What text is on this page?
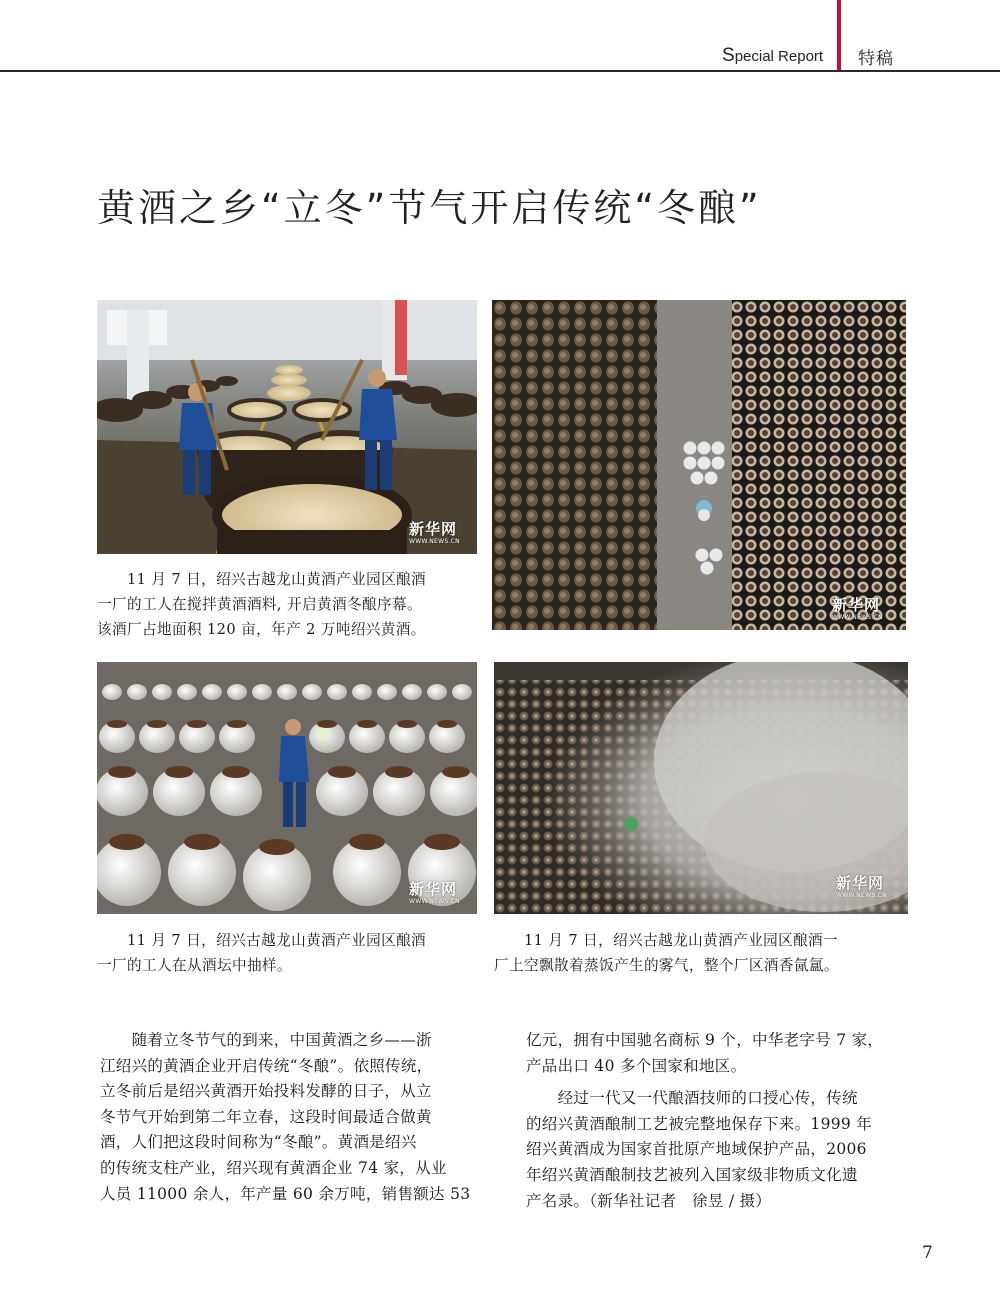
Special Report 特稿
黄酒之乡“立冬”节气开启传统“冬酿”
新华网
WWW.NEWS.CN

　　11 月 7 日，绍兴古越龙山黄酒产业园区酿酒

一厂的工人在搅拌黄酒酒料, 开启黄酒冬酿序幕。

该酒厂占地面积 120 亩，年产 2 万吨绍兴黄酒。

新华网
WWW.NEWS.CN
新华网
WWW.NEWS.CN
新华网
WWW.NEWS.CN

　　11 月 7 日，绍兴古越龙山黄酒产业园区酿酒

一厂的工人在从酒坛中抽样。

　　11 月 7 日，绍兴古越龙山黄酒产业园区酿酒一

厂上空飘散着蒸饭产生的雾气，整个厂区酒香氤氲。

　　随着立冬节气的到来，中国黄酒之乡——浙

江绍兴的黄酒企业开启传统“冬酿”。依照传统，

立冬前后是绍兴黄酒开始投料发酵的日子，从立

冬节气开始到第二年立春，这段时间最适合做黄

酒，人们把这段时间称为“冬酿”。黄酒是绍兴

的传统支柱产业，绍兴现有黄酒企业 74 家，从业

人员 11000 余人，年产量 60 余万吨，销售额达 53

亿元，拥有中国驰名商标 9 个，中华老字号 7 家，

产品出口 40 多个国家和地区。

　　经过一代又一代酿酒技师的口授心传，传统

的绍兴黄酒酿制工艺被完整地保存下来。1999 年

绍兴黄酒成为国家首批原产地域保护产品，2006

年绍兴黄酒酿制技艺被列入国家级非物质文化遗

产名录。（新华社记者　徐昱 / 摄）

7
